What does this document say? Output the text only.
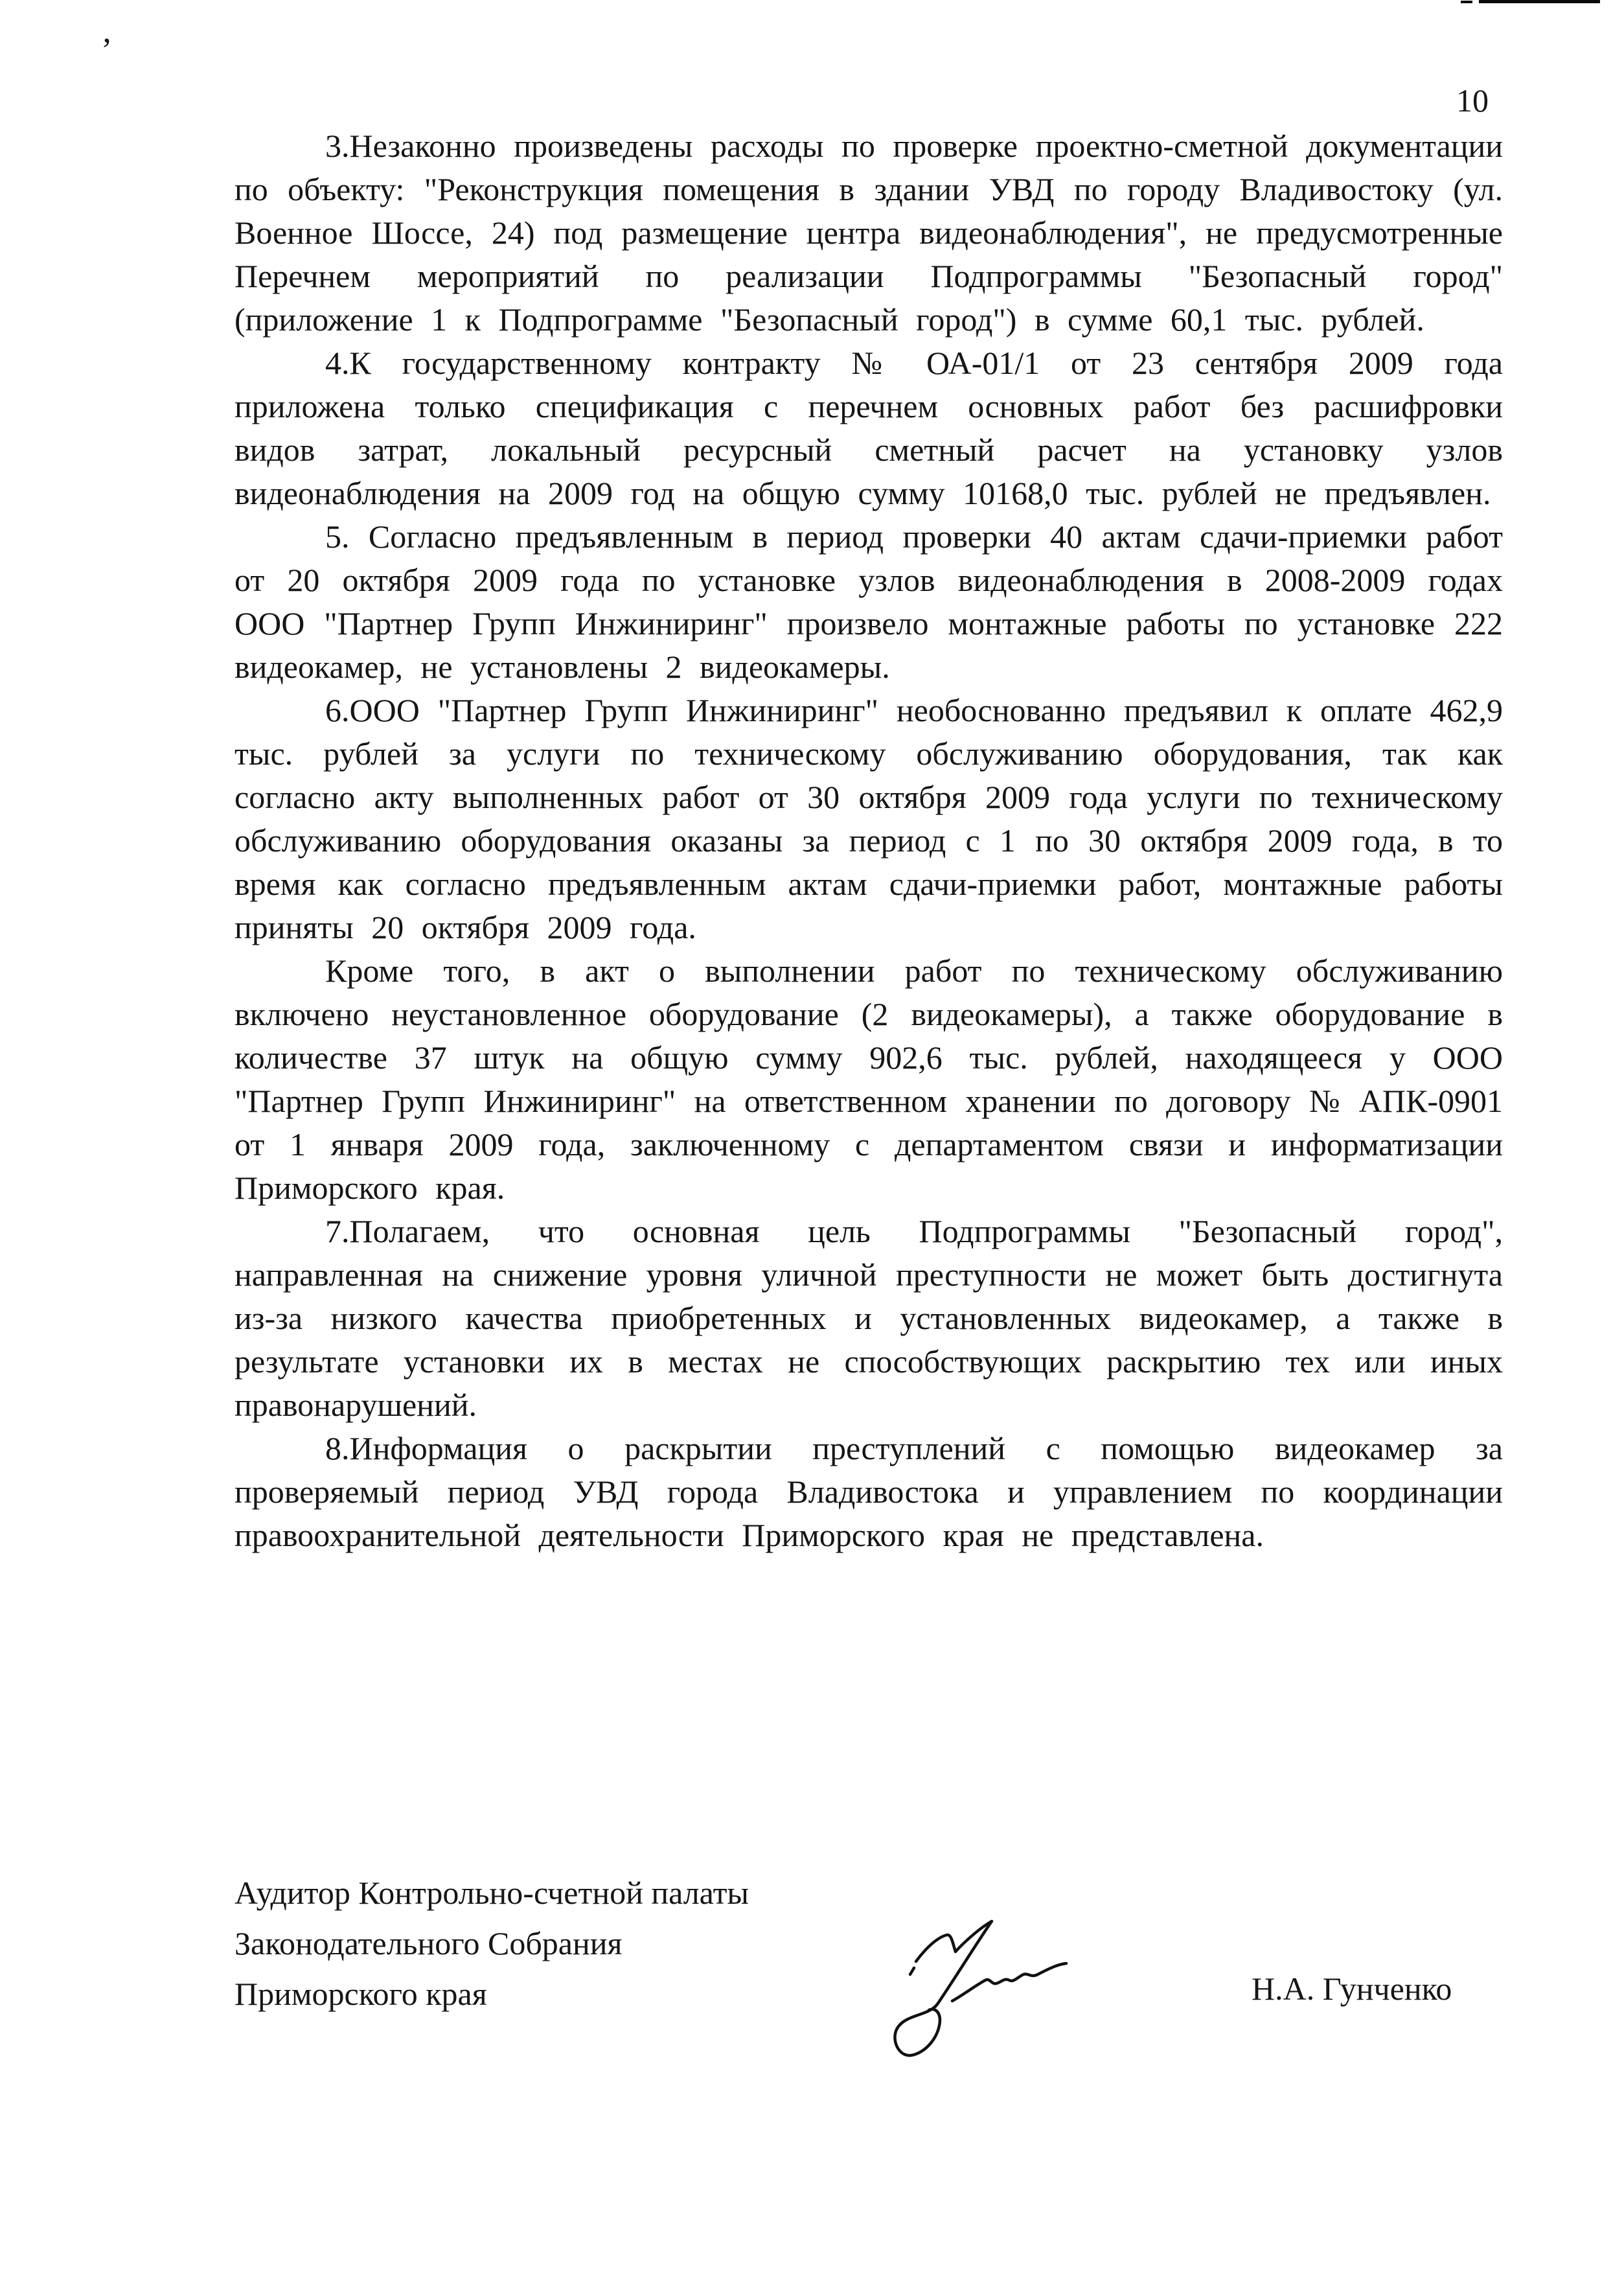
’
10

3.Незаконно произведены расходы по проверке проектно-сметной документации по объекту: "Реконструкция помещения в здании УВД по городу Владивостоку (ул. Военное Шоссе, 24) под размещение центра видеонаблюдения", не предусмотренные Перечнем мероприятий по реализации Подпрограммы "Безопасный город" (приложение 1 к Подпрограмме "Безопасный город") в сумме 60,1 тыс. рублей.

4.К государственному контракту № ОА-01/1 от 23 сентября 2009 года приложена только спецификация с перечнем основных работ без расшифровки видов затрат, локальный ресурсный сметный расчет на установку узлов видеонаблюдения на 2009 год на общую сумму 10168,0 тыс. рублей не предъявлен.

5. Согласно предъявленным в период проверки 40 актам сдачи-приемки работ от 20 октября 2009 года по установке узлов видеонаблюдения в 2008-2009 годах ООО "Партнер Групп Инжиниринг" произвело монтажные работы по установке 222 видеокамер, не установлены 2 видеокамеры.

6.ООО "Партнер Групп Инжиниринг" необоснованно предъявил к оплате 462,9 тыс. рублей за услуги по техническому обслуживанию оборудования, так как согласно акту выполненных работ от 30 октября 2009 года услуги по техническому обслуживанию оборудования оказаны за период с 1 по 30 октября 2009 года, в то время как согласно предъявленным актам сдачи-приемки работ, монтажные работы приняты 20 октября 2009 года.

Кроме того, в акт о выполнении работ по техническому обслуживанию включено неустановленное оборудование (2 видеокамеры), а также оборудование в количестве 37 штук на общую сумму 902,6 тыс. рублей, находящееся у ООО "Партнер Групп Инжиниринг" на ответственном хранении по договору № АПК-0901 от 1 января 2009 года, заключенному с департаментом связи и информатизации Приморского края.

7.Полагаем, что основная цель Подпрограммы "Безопасный город", направленная на снижение уровня уличной преступности не может быть достигнута из-за низкого качества приобретенных и установленных видеокамер, а также в результате установки их в местах не способствующих раскрытию тех или иных правонарушений.

8.Информация о раскрытии преступлений с помощью видеокамер за проверяемый период УВД города Владивостока и управлением по координации правоохранительной деятельности Приморского края не представлена.

Аудитор Контрольно-счетной палаты
Законодательного Собрания
Приморского края	Н.А. Гунченко
